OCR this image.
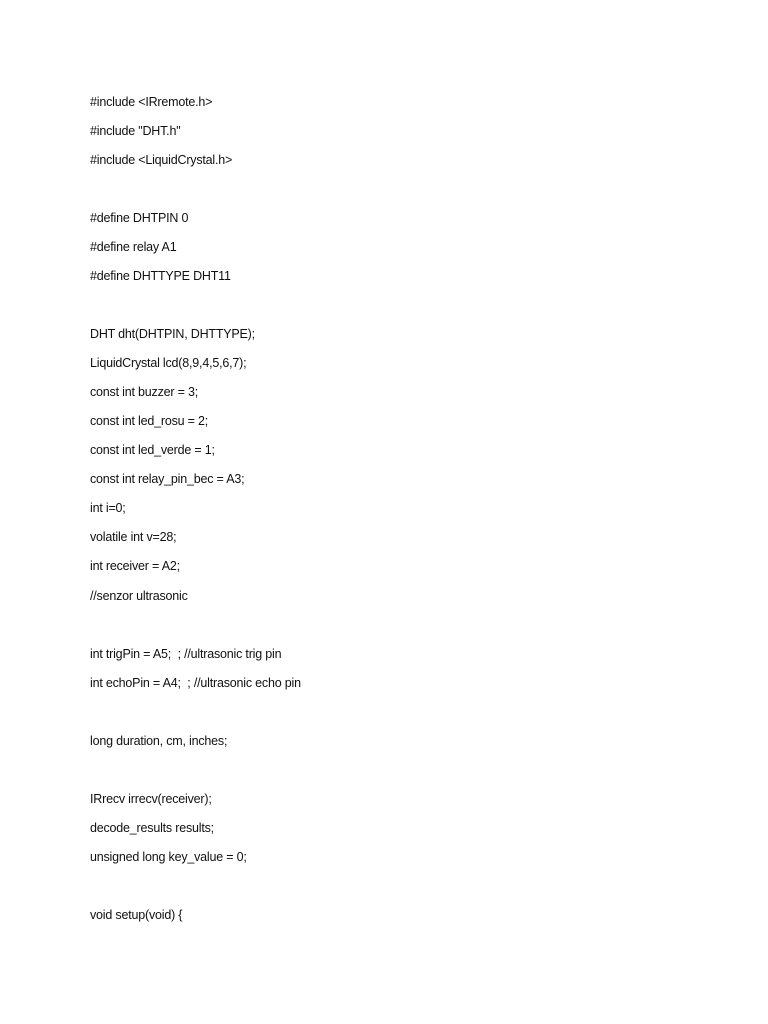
#include <IRremote.h>

#include "DHT.h"

#include <LiquidCrystal.h>

#define DHTPIN 0

#define relay A1

#define DHTTYPE DHT11

DHT dht(DHTPIN, DHTTYPE);

LiquidCrystal lcd(8,9,4,5,6,7);

const int buzzer = 3;

const int led_rosu = 2;

const int led_verde = 1;

const int relay_pin_bec = A3;

int i=0;

volatile int v=28;

int receiver = A2;

//senzor ultrasonic

int trigPin = A5;  ; //ultrasonic trig pin

int echoPin = A4;  ; //ultrasonic echo pin

long duration, cm, inches;

IRrecv irrecv(receiver);

decode_results results;

unsigned long key_value = 0;

void setup(void) {
